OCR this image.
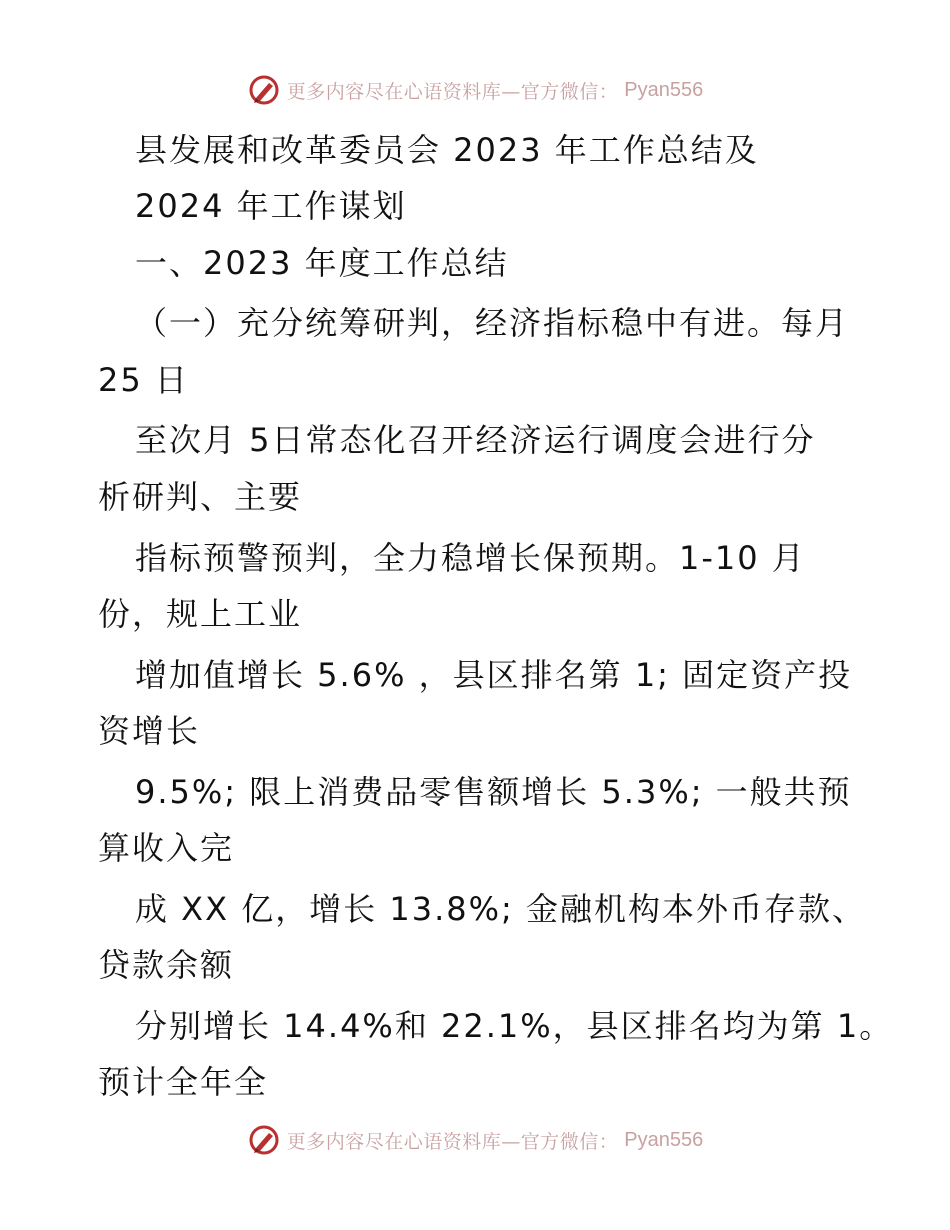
更多内容尽在心语资料库—官方微信： Pyan556
县发展和改革委员会 2023 年工作总结及
2024 年工作谋划
一、2023 年度工作总结
（一）充分统筹研判，经济指标稳中有进。每月
25 日
至次月 5日常态化召开经济运行调度会进行分
析研判、主要
指标预警预判，全力稳增长保预期。1-10 月
份，规上工业
增加值增长 5.6% ，县区排名第 1; 固定资产投
资增长
9.5%; 限上消费品零售额增长 5.3%; 一般共预
算收入完
成 XX 亿，增长 13.8%; 金融机构本外币存款、
贷款余额
分别增长 14.4%和 22.1%，县区排名均为第 1。
预计全年全
更多内容尽在心语资料库—官方微信： Pyan556
